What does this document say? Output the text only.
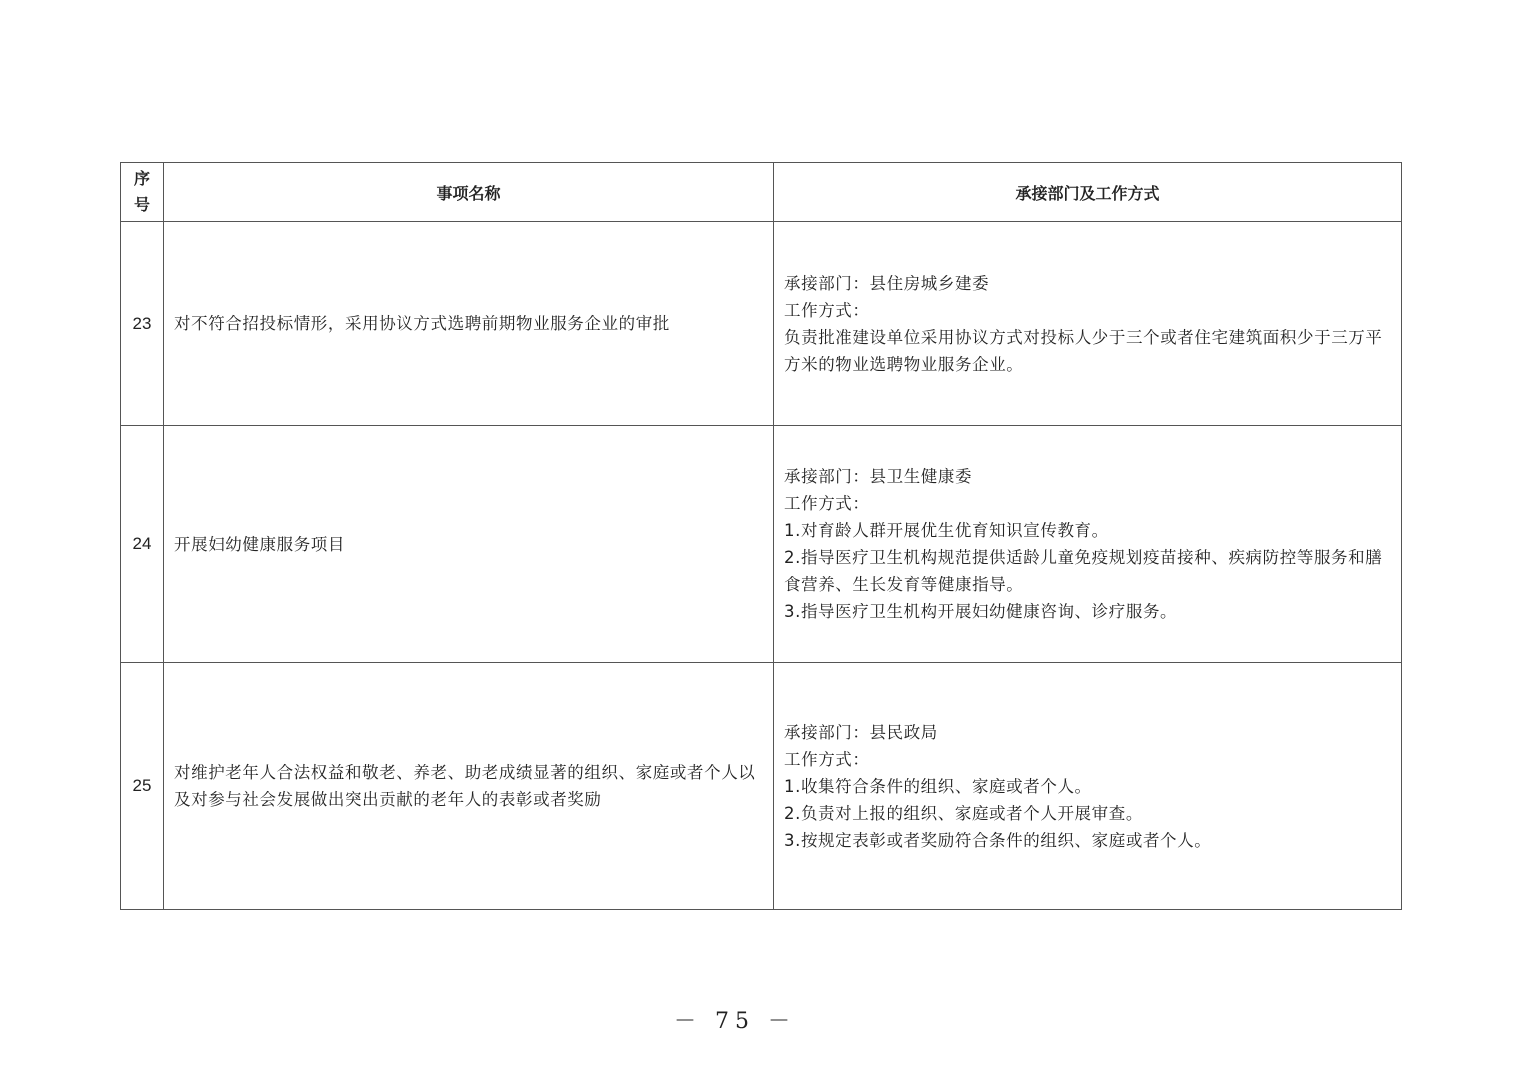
序
号	事项名称	承接部门及工作方式
23	对不符合招投标情形，采用协议方式选聘前期物业服务企业的审批	承接部门：县住房城乡建委
工作方式：
负责批准建设单位采用协议方式对投标人少于三个或者住宅建筑面积少于三万平方米的物业选聘物业服务企业。

24	开展妇幼健康服务项目	承接部门：县卫生健康委
工作方式：
1.对育龄人群开展优生优育知识宣传教育。
2.指导医疗卫生机构规范提供适龄儿童免疫规划疫苗接种、疾病防控等服务和膳食营养、生长发育等健康指导。
3.指导医疗卫生机构开展妇幼健康咨询、诊疗服务。

25	对维护老年人合法权益和敬老、养老、助老成绩显著的组织、家庭或者个人以及对参与社会发展做出突出贡献的老年人的表彰或者奖励	承接部门：县民政局
工作方式：
1.收集符合条件的组织、家庭或者个人。
2.负责对上报的组织、家庭或者个人开展审查。
3.按规定表彰或者奖励符合条件的组织、家庭或者个人。
－ 75 －
